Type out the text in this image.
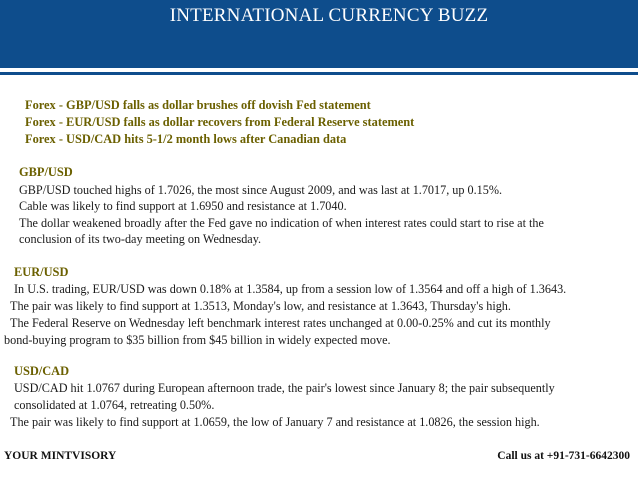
INTERNATIONAL CURRENCY BUZZ
Forex - GBP/USD falls as dollar brushes off dovish Fed statement
Forex - EUR/USD falls as dollar recovers from Federal Reserve statement
Forex - USD/CAD hits 5-1/2 month lows after Canadian data
GBP/USD
GBP/USD touched highs of 1.7026, the most since August 2009, and was last at 1.7017, up 0.15%.
Cable was likely to find support at 1.6950 and resistance at 1.7040.
The dollar weakened broadly after the Fed gave no indication of when interest rates could start to rise at the
conclusion of its two-day meeting on Wednesday.
EUR/USD
In U.S. trading, EUR/USD was down 0.18% at 1.3584, up from a session low of 1.3564 and off a high of 1.3643.
The pair was likely to find support at 1.3513, Monday's low, and resistance at 1.3643, Thursday's high.
The Federal Reserve on Wednesday left benchmark interest rates unchanged at 0.00-0.25% and cut its monthly
bond-buying program to $35 billion from $45 billion in widely expected move.
USD/CAD
USD/CAD hit 1.0767 during European afternoon trade, the pair's lowest since January 8; the pair subsequently
consolidated at 1.0764, retreating 0.50%.
The pair was likely to find support at 1.0659, the low of January 7 and resistance at 1.0826, the session high.
YOUR MINTVISORY	Call us at +91-731-6642300
